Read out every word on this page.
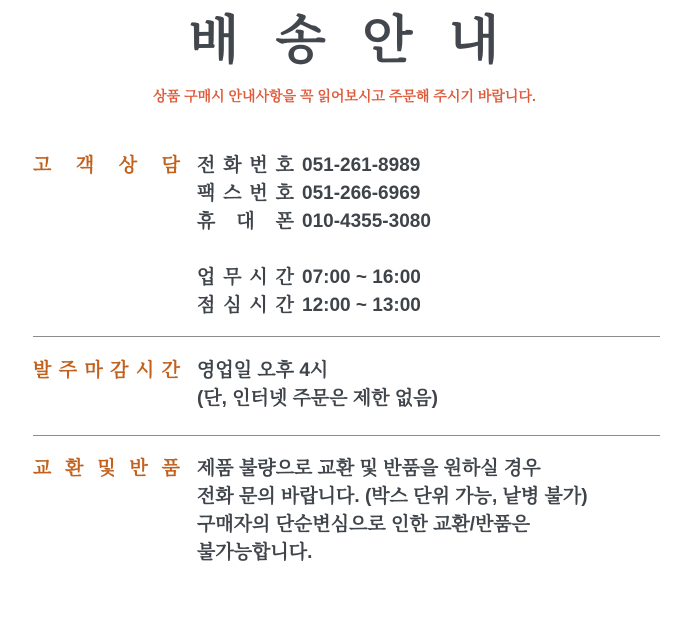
배 송 안 내

상품 구매시 안내사항을 꼭 읽어보시고 주문해 주시기 바랍니다.

고 객 상 담 전 화 번 호 051-261-8989
팩 스 번 호 051-266-6969
휴 대 폰 010-4355-3080
업 무 시 간 07:00 ~ 16:00
점 심 시 간 12:00 ~ 13:00
발 주 마 감 시 간 영업일 오후 4시
(단, 인터넷 주문은 제한 없음)
교 환 및 반 품 제품 불량으로 교환 및 반품을 원하실 경우
전화 문의 바랍니다. (박스 단위 가능, 낱병 불가)
구매자의 단순변심으로 인한 교환/반품은
불가능합니다.
